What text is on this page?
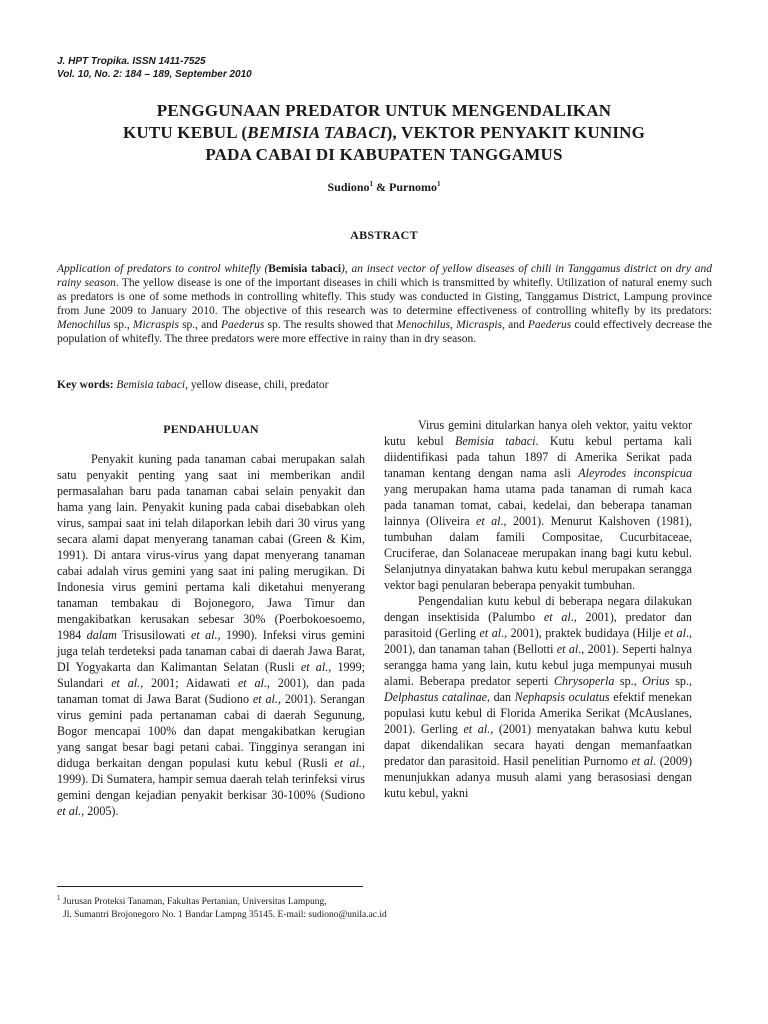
J. HPT Tropika. ISSN 1411-7525
Vol. 10, No. 2: 184 – 189, September 2010
PENGGUNAAN PREDATOR UNTUK MENGENDALIKAN
KUTU KEBUL (BEMISIA TABACI), VEKTOR PENYAKIT KUNING
PADA CABAI DI KABUPATEN TANGGAMUS
Sudiono$^1$ & Purnomo$^1$
ABSTRACT
Application of predators to control whitefly (Bemisia tabaci), an insect vector of yellow diseases of chili in Tanggamus district on dry and rainy season. The yellow disease is one of the important diseases in chili which is transmitted by whitefly. Utilization of natural enemy such as predators is one of some methods in controlling whitefly. This study was conducted in Gisting, Tanggamus District, Lampung province from June 2009 to January 2010. The objective of this research was to determine effectiveness of controlling whitefly by its predators: Menochilus sp., Micraspis sp., and Paederus sp. The results showed that Menochilus, Micraspis, and Paederus could effectively decrease the population of whitefly. The three predators were more effective in rainy than in dry season.
Key words: Bemisia tabaci, yellow disease, chili, predator
PENDAHULUAN

Penyakit kuning pada tanaman cabai merupakan salah satu penyakit penting yang saat ini memberikan andil permasalahan baru pada tanaman cabai selain penyakit dan hama yang lain. Penyakit kuning pada cabai disebabkan oleh virus, sampai saat ini telah dilaporkan lebih dari 30 virus yang secara alami dapat menyerang tanaman cabai (Green & Kim, 1991). Di antara virus-virus yang dapat menyerang tanaman cabai adalah virus gemini yang saat ini paling merugikan. Di Indonesia virus gemini pertama kali diketahui menyerang tanaman tembakau di Bojonegoro, Jawa Timur dan mengakibatkan kerusakan sebesar 30% (Poerbokoesoemo, 1984 dalam Trisusilowati et al., 1990). Infeksi virus gemini juga telah terdeteksi pada tanaman cabai di daerah Jawa Barat, DI Yogyakarta dan Kalimantan Selatan (Rusli et al., 1999; Sulandari et al., 2001; Aidawati et al., 2001), dan pada tanaman tomat di Jawa Barat (Sudiono et al., 2001). Serangan virus gemini pada pertanaman cabai di daerah Segunung, Bogor mencapai 100% dan dapat mengakibatkan kerugian yang sangat besar bagi petani cabai. Tingginya serangan ini diduga berkaitan dengan populasi kutu kebul (Rusli et al., 1999). Di Sumatera, hampir semua daerah telah terinfeksi virus gemini dengan kejadian penyakit berkisar 30-100% (Sudiono et al., 2005).

Virus gemini ditularkan hanya oleh vektor, yaitu vektor kutu kebul Bemisia tabaci. Kutu kebul pertama kali diidentifikasi pada tahun 1897 di Amerika Serikat pada tanaman kentang dengan nama asli Aleyrodes inconspicua yang merupakan hama utama pada tanaman di rumah kaca pada tanaman tomat, cabai, kedelai, dan beberapa tanaman lainnya (Oliveira et al., 2001). Menurut Kalshoven (1981), tumbuhan dalam famili Compositae, Cucurbitaceae, Cruciferae, dan Solanaceae merupakan inang bagi kutu kebul. Selanjutnya dinyatakan bahwa kutu kebul merupakan serangga vektor bagi penularan beberapa penyakit tumbuhan.

Pengendalian kutu kebul di beberapa negara dilakukan dengan insektisida (Palumbo et al., 2001), predator dan parasitoid (Gerling et al., 2001), praktek budidaya (Hilje et al., 2001), dan tanaman tahan (Bellotti et al., 2001). Seperti halnya serangga hama yang lain, kutu kebul juga mempunyai musuh alami. Beberapa predator seperti Chrysoperla sp., Orius sp., Delphastus catalinae, dan Nephapsis oculatus efektif menekan populasi kutu kebul di Florida Amerika Serikat (McAuslanes, 2001). Gerling et al., (2001) menyatakan bahwa kutu kebul dapat dikendalikan secara hayati dengan memanfaatkan predator dan parasitoid. Hasil penelitian Purnomo et al. (2009) menunjukkan adanya musuh alami yang berasosiasi dengan kutu kebul, yakni

$^1$ Jurusan Proteksi Tanaman, Fakultas Pertanian, Universitas Lampung,
Jl. Sumantri Brojonegoro No. 1 Bandar Lampng 35145. E-mail: sudiono@unila.ac.id
